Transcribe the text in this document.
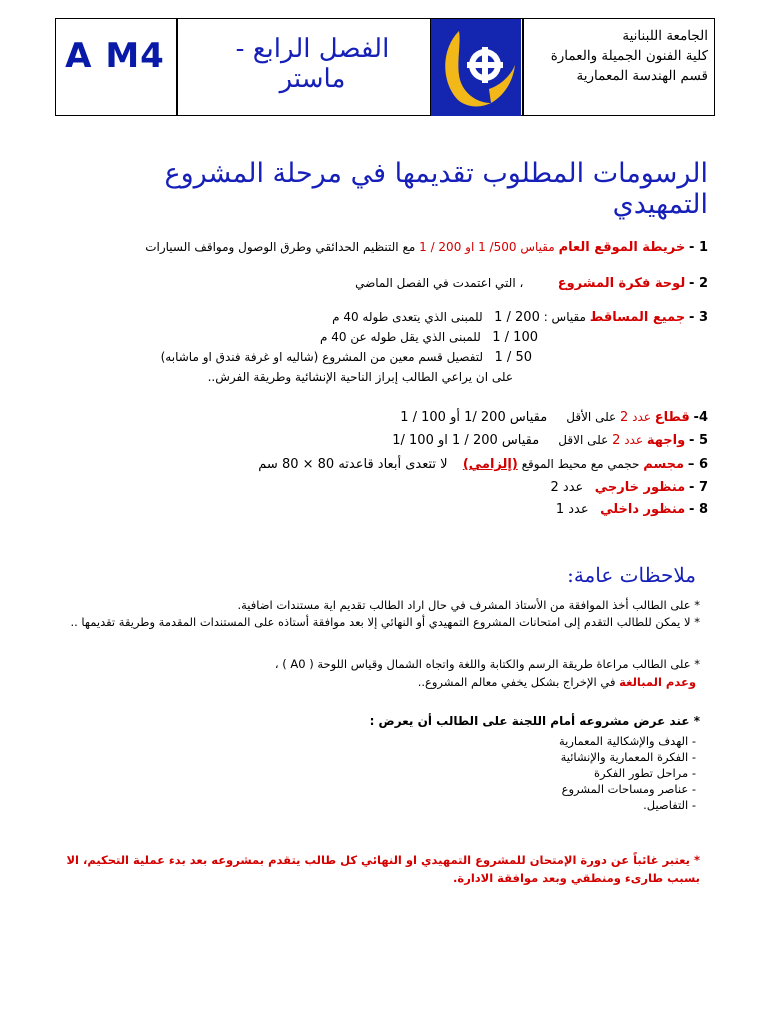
A M4	الفصل الرابع - ماستر
الجامعة اللبنانية
كلية الفنون الجميلة والعمارة
قسم الهندسة المعمارية
الرسومات المطلوب تقديمها في مرحلة المشروع التمهيدي
1 - خريطة الموقع العام مقياس 500/ 1 او 200 / 1 مع التنظيم الحدائقي وطرق الوصول ومواقف السيارات
2 - لوحة فكرة المشروع         ، التي اعتمدت في الفصل الماضي
3 - جميع المساقط مقياس : 200 / 1   للمبنى الذي يتعدى طوله 40 م
100 / 1   للمبنى الذي يقل طوله عن 40 م
50 / 1   لتفصيل قسم معين من المشروع (شاليه او غرفة فندق او ماشابه)
على ان يراعي الطالب إبراز الناحية الإنشائية وطريقة الفرش..
4- قطاع عدد 2 على الأقل     مقياس 200 /1 أو 100 / 1
5 - واجهة عدد 2 على الاقل     مقياس 200 / 1 او 100 /1
6 – مجسم حجمي مع محيط الموقع (إلزامي)    لا تتعدى أبعاد قاعدته 80 × 80 سم
7 - منظور خارجي   عدد 2
8 - منظور داخلي   عدد 1
ملاحظات عامة:
* على الطالب أخذ الموافقة من الأستاذ المشرف في حال اراد الطالب تقديم اية مستندات اضافية.
* لا يمكن للطالب التقدم إلى امتحانات المشروع التمهيدي أو النهائي إلا بعد موافقة أستاذه على المستندات المقدمة وطريقة تقديمها ..
* على الطالب مراعاة طريقة الرسم والكتابة واللغة واتجاه الشمال وقياس اللوحة ( A0 ) ،
وعدم المبالغة في الإخراج بشكل يخفي معالم المشروع..
* عند عرض مشروعه أمام اللجنة على الطالب أن يعرض :
- الهدف والإشكالية المعمارية
- الفكرة المعمارية والإنشائية
- مراحل تطور الفكرة
- عناصر ومساحات المشروع
- التفاصيل.
* يعتبر غائباً عن دورة الإمتحان للمشروع التمهيدي او النهائي كل طالب يتقدم بمشروعه بعد بدء عملية التحكيم، الا بسبب طارىء ومنطقي وبعد موافقة الادارة.
